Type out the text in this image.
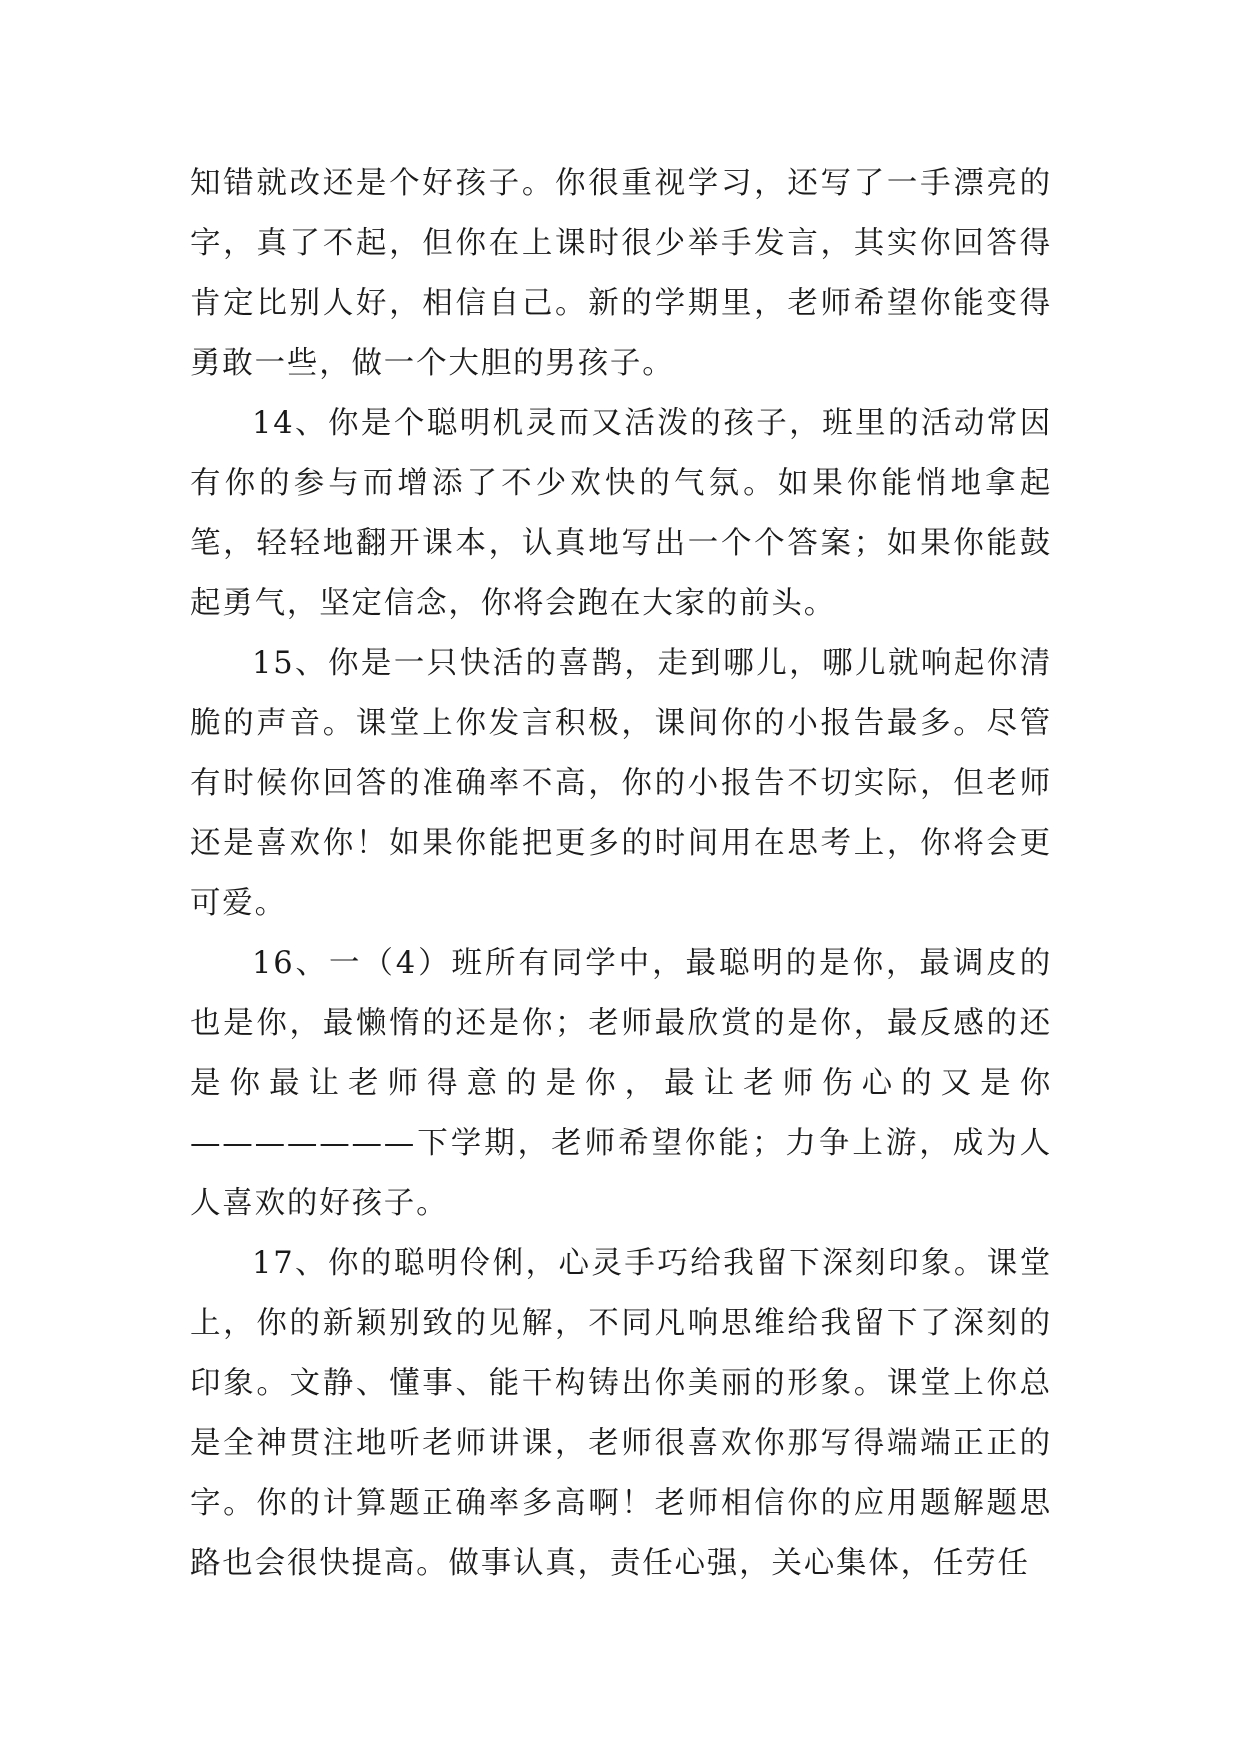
知错就改还是个好孩子。你很重视学习，还写了一手漂亮的字，真了不起，但你在上课时很少举手发言，其实你回答得肯定比别人好，相信自己。新的学期里，老师希望你能变得勇敢一些，做一个大胆的男孩子。

14、你是个聪明机灵而又活泼的孩子，班里的活动常因有你的参与而增添了不少欢快的气氛。如果你能悄地拿起笔，轻轻地翻开课本，认真地写出一个个答案；如果你能鼓起勇气，坚定信念，你将会跑在大家的前头。

15、你是一只快活的喜鹊，走到哪儿，哪儿就响起你清脆的声音。课堂上你发言积极，课间你的小报告最多。尽管有时候你回答的准确率不高，你的小报告不切实际，但老师还是喜欢你！如果你能把更多的时间用在思考上，你将会更可爱。

16、一（4）班所有同学中，最聪明的是你，最调皮的也是你，最懒惰的还是你；老师最欣赏的是你，最反感的还是你最让老师得意的是你，最让老师伤心的又是你———————下学期，老师希望你能；力争上游，成为人人喜欢的好孩子。

17、你的聪明伶俐，心灵手巧给我留下深刻印象。课堂上，你的新颖别致的见解，不同凡响思维给我留下了深刻的印象。文静、懂事、能干构铸出你美丽的形象。课堂上你总是全神贯注地听老师讲课，老师很喜欢你那写得端端正正的字。你的计算题正确率多高啊！老师相信你的应用题解题思路也会很快提高。做事认真，责任心强，关心集体，任劳任
